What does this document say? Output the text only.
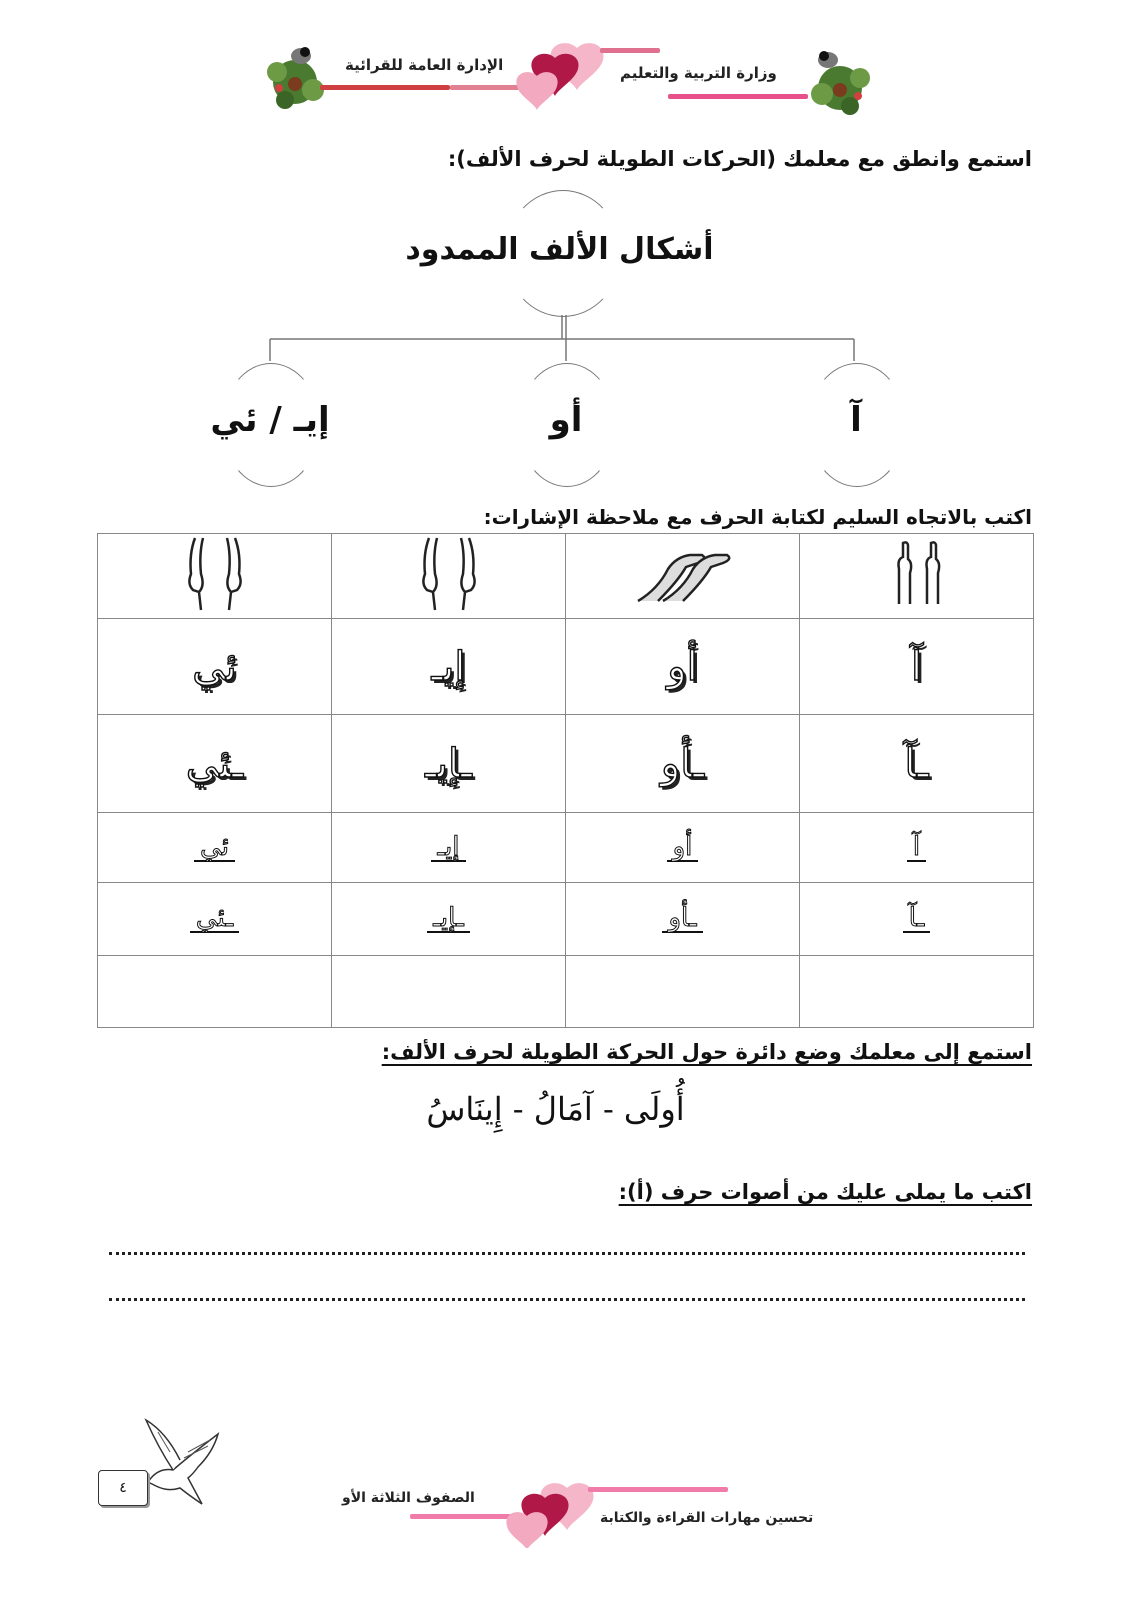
الإدارة العامة للقرائية	وزارة التربية والتعليم
استمع وانطق مع معلمك (الحركات الطويلة لحرف الألف):
أشكال الألف الممدود
آ
أو
إيـ / ئي
اكتب بالاتجاه السليم لكتابة الحرف مع ملاحظة الإشارات:

آ	أو	إيـ	ئي
ـآ	ـأو	ـإيـ	ـئي
آ	أو	إيـ	ئي
ـآ	ـأو	ـإيـ	ـئي

استمع إلى معلمك وضع دائرة حول الحركة الطويلة لحرف الألف:
أُولَى - آمَالُ - إِينَاسُ
اكتب ما يملى عليك من أصوات حرف (أ):
٤
الصفوف الثلاثة الأو
تحسين مهارات القراءة والكتابة
